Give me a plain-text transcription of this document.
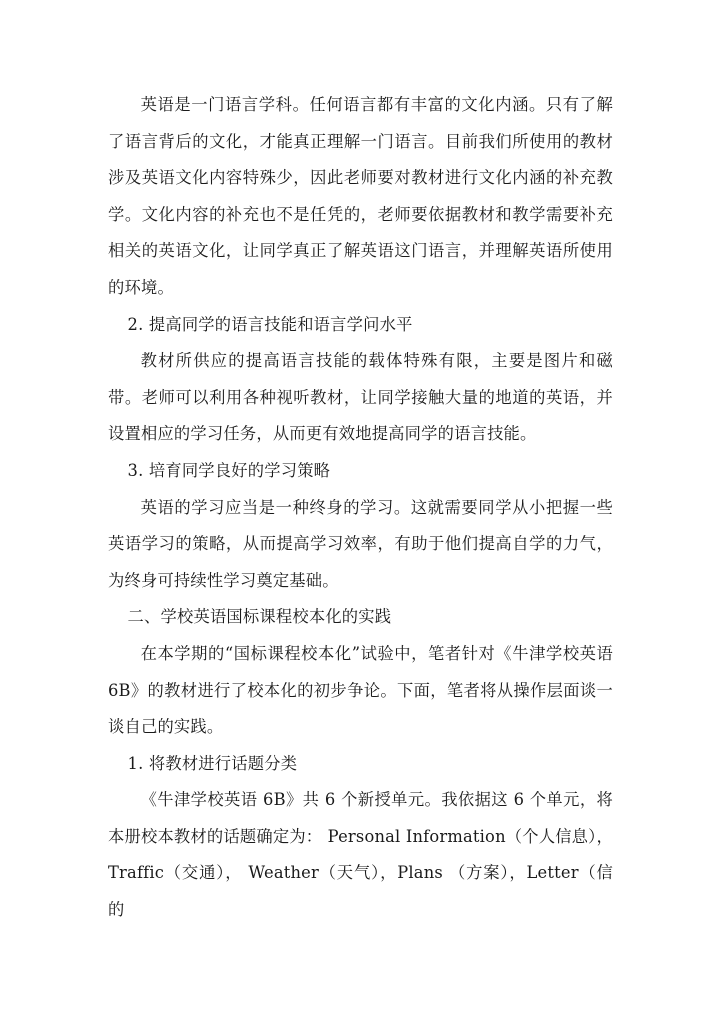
英语是一门语言学科。任何语言都有丰富的文化内涵。只有了解了语言背后的文化，才能真正理解一门语言。目前我们所使用的教材涉及英语文化内容特殊少，因此老师要对教材进行文化内涵的补充教学。文化内容的补充也不是任凭的，老师要依据教材和教学需要补充相关的英语文化，让同学真正了解英语这门语言，并理解英语所使用的环境。

2. 提高同学的语言技能和语言学问水平

教材所供应的提高语言技能的载体特殊有限，主要是图片和磁带。老师可以利用各种视听教材，让同学接触大量的地道的英语，并设置相应的学习任务，从而更有效地提高同学的语言技能。

3. 培育同学良好的学习策略

英语的学习应当是一种终身的学习。这就需要同学从小把握一些英语学习的策略，从而提高学习效率，有助于他们提高自学的力气，为终身可持续性学习奠定基础。

二、学校英语国标课程校本化的实践

在本学期的“国标课程校本化”试验中，笔者针对《牛津学校英语6B》的教材进行了校本化的初步争论。下面，笔者将从操作层面谈一谈自己的实践。

1. 将教材进行话题分类

《牛津学校英语 6B》共 6 个新授单元。我依据这 6 个单元，将本册校本教材的话题确定为： Personal Information（个人信息），Traffic（交通）， Weather（天气），Plans （方案），Letter（信的
